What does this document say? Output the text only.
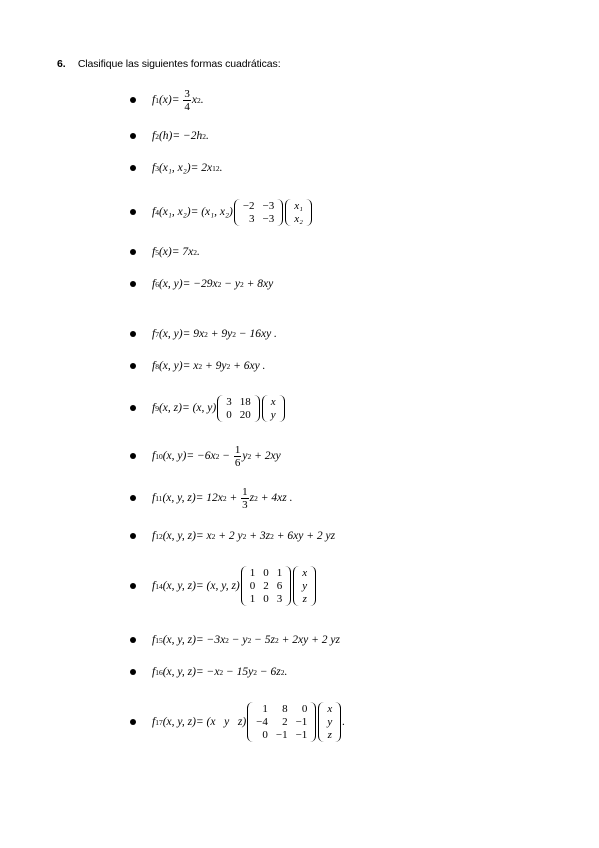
6. Clasifique las siguientes formas cuadráticas:
f 1 $(x) = \frac{3}{4}$ x 2 .
f 2 (h) = −2h 2 .
f 3 (x₁, x₂) = 2x 1 2 .
f 4 (x₁, x₂) = (x₁, x₂)
−2 −3
3 −3
x₁
x₂
f 5 (x) = 7x 2 .
f 6 (x, y) = −29x 2 − y 2 + 8xy
f 7 (x, y) = 9x 2 + 9y 2 − 16xy .
f 8 (x, y) = x 2 + 9y 2 + 6xy .
f 9 (x, z) = (x, y)
3 18
0 20
x
y
f 10 (x, y) = −6x $2 - \frac{1}{6}$ y 2 + 2xy
f 11 (x, y, z) = 12x $2 + \frac{1}{3}$ z 2 + 4xz .
f 12 (x, y, z) = x 2 + 2 y 2 + 3z 2 + 6xy + 2 yz
f 14 (x, y, z) = (x, y, z)
1 0 1
0 2 6
1 0 3
x
y
z
f 15 (x, y, z) = −3x 2 − y 2 − 5z 2 + 2xy + 2 yz
f 16 (x, y, z) = −x 2 − 15y 2 − 6z 2 .
f 17 (x, y, z) = (x   y   z)
1	8	0
−4	2 −1
0 −1 −1
x
y
z
.
